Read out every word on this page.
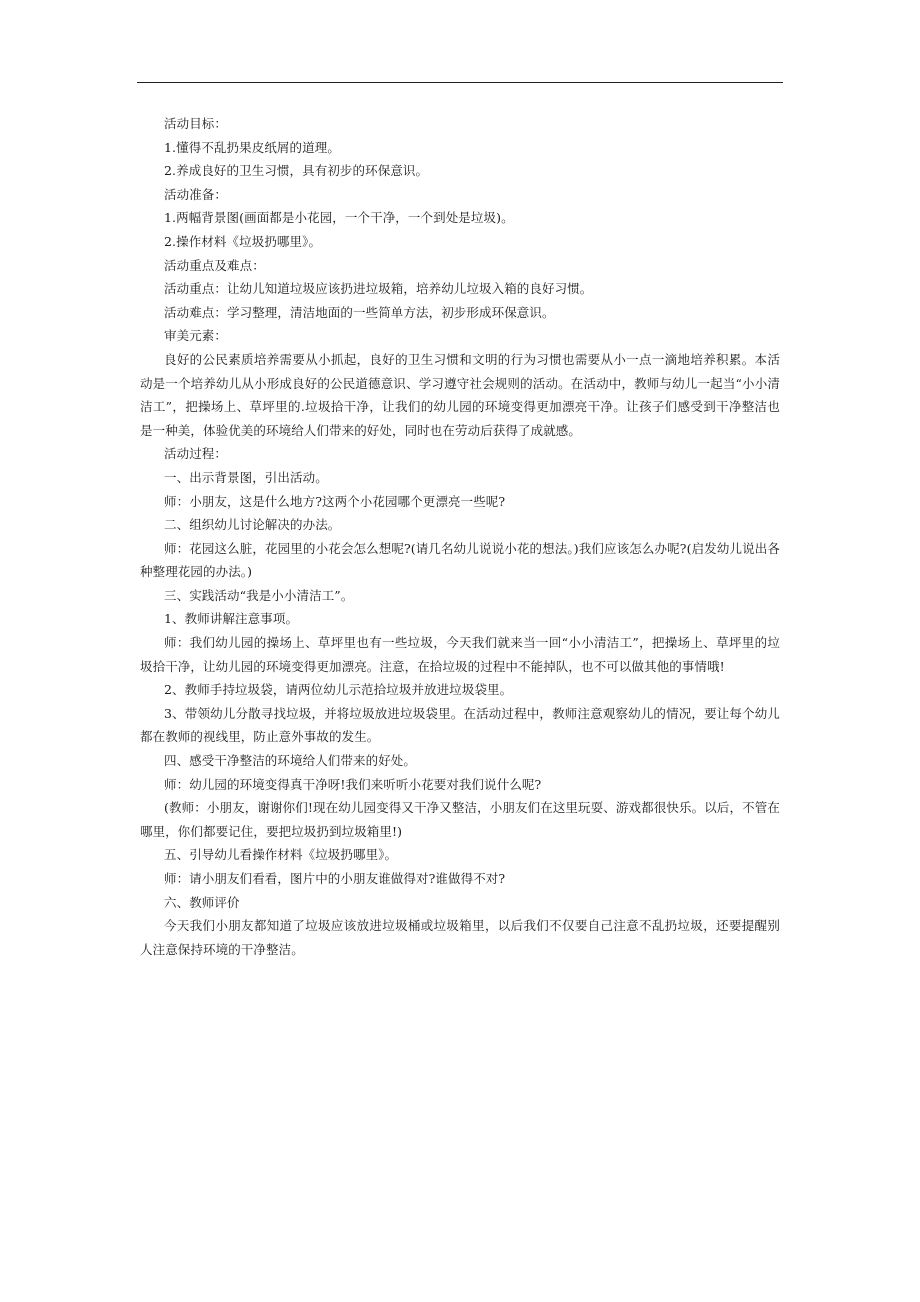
活动目标：

1.懂得不乱扔果皮纸屑的道理。

2.养成良好的卫生习惯，具有初步的环保意识。

活动准备：

1.两幅背景图(画面都是小花园，一个干净，一个到处是垃圾)。

2.操作材料《垃圾扔哪里》。

活动重点及难点：

活动重点：让幼儿知道垃圾应该扔进垃圾箱，培养幼儿垃圾入箱的良好习惯。

活动难点：学习整理，清洁地面的一些简单方法，初步形成环保意识。

审美元素：

良好的公民素质培养需要从小抓起，良好的卫生习惯和文明的行为习惯也需要从小一点一滴地培养积累。本活动是一个培养幼儿从小形成良好的公民道德意识、学习遵守社会规则的活动。在活动中，教师与幼儿一起当“小小清洁工”，把操场上、草坪里的.垃圾拾干净，让我们的幼儿园的环境变得更加漂亮干净。让孩子们感受到干净整洁也是一种美，体验优美的环境给人们带来的好处，同时也在劳动后获得了成就感。

活动过程：

一、出示背景图，引出活动。

师：小朋友，这是什么地方?这两个小花园哪个更漂亮一些呢?

二、组织幼儿讨论解决的办法。

师：花园这么脏，花园里的小花会怎么想呢?(请几名幼儿说说小花的想法。)我们应该怎么办呢?(启发幼儿说出各种整理花园的办法。)

三、实践活动“我是小小清洁工”。

1、教师讲解注意事项。

师：我们幼儿园的操场上、草坪里也有一些垃圾，今天我们就来当一回“小小清洁工”，把操场上、草坪里的垃圾拾干净，让幼儿园的环境变得更加漂亮。注意，在拾垃圾的过程中不能掉队，也不可以做其他的事情哦!

2、教师手持垃圾袋，请两位幼儿示范拾垃圾并放进垃圾袋里。

3、带领幼儿分散寻找垃圾，并将垃圾放进垃圾袋里。在活动过程中，教师注意观察幼儿的情况，要让每个幼儿都在教师的视线里，防止意外事故的发生。

四、感受干净整洁的环境给人们带来的好处。

师：幼儿园的环境变得真干净呀!我们来听听小花要对我们说什么呢?

(教师：小朋友，谢谢你们!现在幼儿园变得又干净又整洁，小朋友们在这里玩耍、游戏都很快乐。以后，不管在哪里，你们都要记住，要把垃圾扔到垃圾箱里!)

五、引导幼儿看操作材料《垃圾扔哪里》。

师：请小朋友们看看，图片中的小朋友谁做得对?谁做得不对?

六、教师评价

今天我们小朋友都知道了垃圾应该放进垃圾桶或垃圾箱里，以后我们不仅要自己注意不乱扔垃圾，还要提醒别人注意保持环境的干净整洁。
